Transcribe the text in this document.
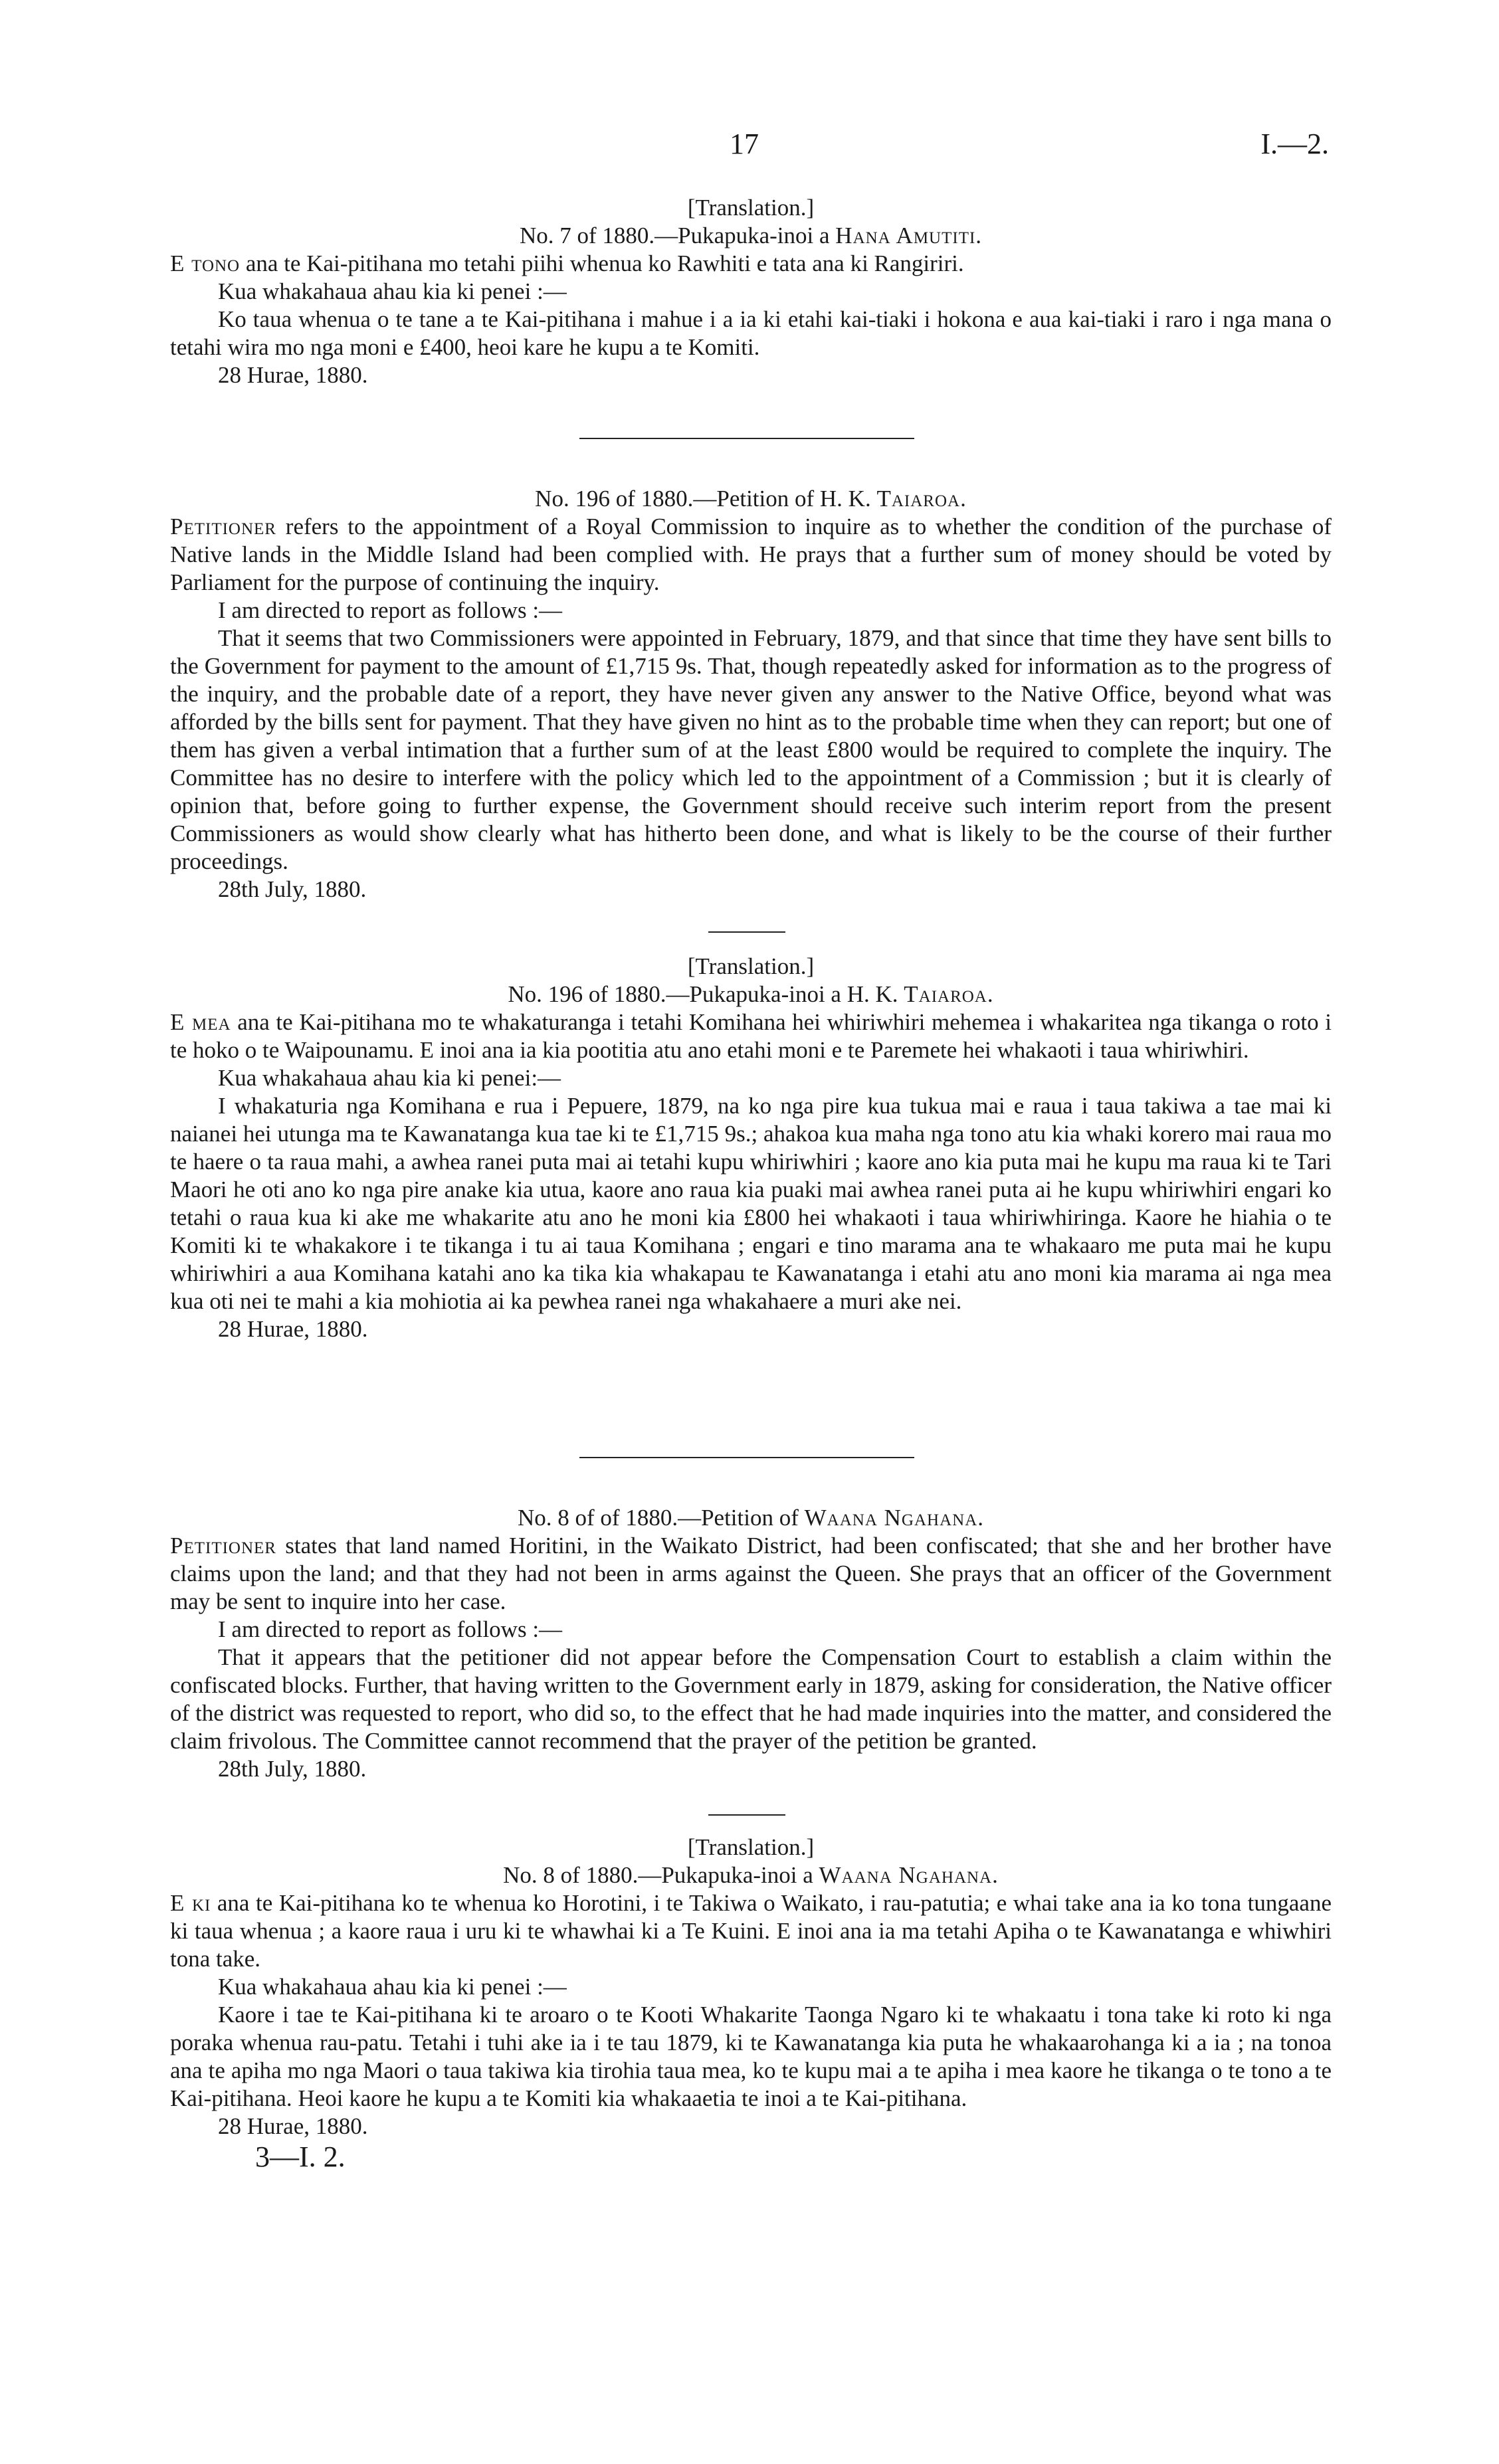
17	I.—2.
[Translation.]
No. 7 of 1880.—Pukapuka-inoi a Hana Amutiti.

E tono ana te Kai-pitihana mo tetahi piihi whenua ko Rawhiti e tata ana ki Rangiriri.

Kua whakahaua ahau kia ki penei :—

Ko taua whenua o te tane a te Kai-pitihana i mahue i a ia ki etahi kai-tiaki i hokona e aua kai-tiaki i raro i nga mana o tetahi wira mo nga moni e £400, heoi kare he kupu a te Komiti.

28 Hurae, 1880.
No. 196 of 1880.—Petition of H. K. Taiaroa.

Petitioner refers to the appointment of a Royal Commission to inquire as to whether the condition of the purchase of Native lands in the Middle Island had been complied with. He prays that a further sum of money should be voted by Parliament for the purpose of continuing the inquiry.

I am directed to report as follows :—

That it seems that two Commissioners were appointed in February, 1879, and that since that time they have sent bills to the Government for payment to the amount of £1,715 9s. That, though repeatedly asked for information as to the progress of the inquiry, and the probable date of a report, they have never given any answer to the Native Office, beyond what was afforded by the bills sent for payment. That they have given no hint as to the probable time when they can report; but one of them has given a verbal intimation that a further sum of at the least £800 would be required to complete the inquiry. The Committee has no desire to interfere with the policy which led to the appointment of a Commission ; but it is clearly of opinion that, before going to further expense, the Government should receive such interim report from the present Commissioners as would show clearly what has hitherto been done, and what is likely to be the course of their further proceedings.

28th July, 1880.
[Translation.]
No. 196 of 1880.—Pukapuka-inoi a H. K. Taiaroa.

E mea ana te Kai-pitihana mo te whakaturanga i tetahi Komihana hei whiriwhiri mehemea i whakaritea nga tikanga o roto i te hoko o te Waipounamu. E inoi ana ia kia pootitia atu ano etahi moni e te Paremete hei whakaoti i taua whiriwhiri.

Kua whakahaua ahau kia ki penei:—

I whakaturia nga Komihana e rua i Pepuere, 1879, na ko nga pire kua tukua mai e raua i taua takiwa a tae mai ki naianei hei utunga ma te Kawanatanga kua tae ki te £1,715 9s.; ahakoa kua maha nga tono atu kia whaki korero mai raua mo te haere o ta raua mahi, a awhea ranei puta mai ai tetahi kupu whiriwhiri ; kaore ano kia puta mai he kupu ma raua ki te Tari Maori he oti ano ko nga pire anake kia utua, kaore ano raua kia puaki mai awhea ranei puta ai he kupu whiriwhiri engari ko tetahi o raua kua ki ake me whakarite atu ano he moni kia £800 hei whakaoti i taua whiriwhiringa. Kaore he hiahia o te Komiti ki te whakakore i te tikanga i tu ai taua Komihana ; engari e tino marama ana te whakaaro me puta mai he kupu whiriwhiri a aua Komihana katahi ano ka tika kia whakapau te Kawanatanga i etahi atu ano moni kia marama ai nga mea kua oti nei te mahi a kia mohiotia ai ka pewhea ranei nga whakahaere a muri ake nei.

28 Hurae, 1880.
No. 8 of of 1880.—Petition of Waana Ngahana.

Petitioner states that land named Horitini, in the Waikato District, had been confiscated; that she and her brother have claims upon the land; and that they had not been in arms against the Queen. She prays that an officer of the Government may be sent to inquire into her case.

I am directed to report as follows :—

That it appears that the petitioner did not appear before the Compensation Court to establish a claim within the confiscated blocks. Further, that having written to the Government early in 1879, asking for consideration, the Native officer of the district was requested to report, who did so, to the effect that he had made inquiries into the matter, and considered the claim frivolous. The Committee cannot recommend that the prayer of the petition be granted.

28th July, 1880.
[Translation.]
No. 8 of 1880.—Pukapuka-inoi a Waana Ngahana.

E ki ana te Kai-pitihana ko te whenua ko Horotini, i te Takiwa o Waikato, i rau-patutia; e whai take ana ia ko tona tungaane ki taua whenua ; a kaore raua i uru ki te whawhai ki a Te Kuini. E inoi ana ia ma tetahi Apiha o te Kawanatanga e whiwhiri tona take.

Kua whakahaua ahau kia ki penei :—

Kaore i tae te Kai-pitihana ki te aroaro o te Kooti Whakarite Taonga Ngaro ki te whakaatu i tona take ki roto ki nga poraka whenua rau-patu. Tetahi i tuhi ake ia i te tau 1879, ki te Kawanatanga kia puta he whakaarohanga ki a ia ; na tonoa ana te apiha mo nga Maori o taua takiwa kia tirohia taua mea, ko te kupu mai a te apiha i mea kaore he tikanga o te tono a te Kai-pitihana. Heoi kaore he kupu a te Komiti kia whakaaetia te inoi a te Kai-pitihana.

28 Hurae, 1880.
3—I. 2.
